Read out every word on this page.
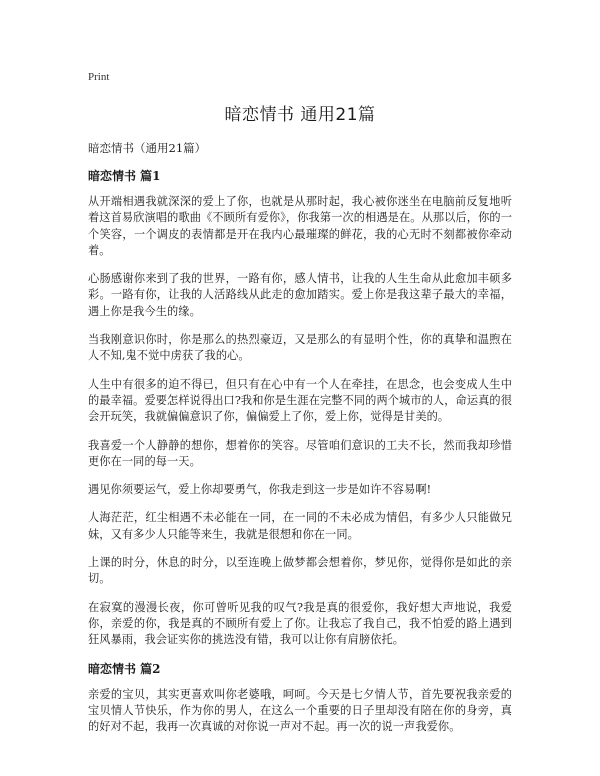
Print
暗恋情书 通用21篇
暗恋情书（通用21篇）
暗恋情书 篇1

从开端相遇我就深深的爱上了你，也就是从那时起，我心被你迷坐在电脑前反复地听着这首易欣演唱的歌曲《不顾所有爱你》，你我第一次的相遇是在。从那以后，你的一个笑容，一个调皮的表情都是开在我内心最璀璨的鲜花，我的心无时不刻都被你牵动着。

心肠感谢你来到了我的世界，一路有你，感人情书，让我的人生生命从此愈加丰硕多彩。一路有你，让我的人活路线从此走的愈加踏实。爱上你是我这辈子最大的幸福，遇上你是我今生的缘。

当我刚意识你时，你是那么的热烈豪迈，又是那么的有显明个性，你的真挚和温煦在人不知,鬼不觉中虏获了我的心。

人生中有很多的迫不得已，但只有在心中有一个人在牵挂，在思念，也会变成人生中的最幸福。爱要怎样说得出口?我和你是生涯在完整不同的两个城市的人，命运真的很会开玩笑，我就偏偏意识了你，偏偏爱上了你，爱上你，觉得是甘美的。

我喜爱一个人静静的想你，想着你的笑容。尽管咱们意识的工夫不长，然而我却珍惜更你在一同的每一天。

遇见你须要运气，爱上你却要勇气，你我走到这一步是如许不容易啊!

人海茫茫，红尘相遇不未必能在一同，在一同的不未必成为情侣，有多少人只能做兄妹，又有多少人只能等来生，我就是很想和你在一同。

上课的时分，休息的时分，以至连晚上做梦都会想着你，梦见你，觉得你是如此的亲切。

在寂寞的漫漫长夜，你可曾听见我的叹气?我是真的很爱你，我好想大声地说，我爱你，亲爱的你，我是真的不顾所有爱上了你。让我忘了我自己，我不怕爱的路上遇到狂风暴雨，我会证实你的挑选没有错，我可以让你有肩膀依托。

暗恋情书 篇2

亲爱的宝贝，其实更喜欢叫你老婆哦，呵呵。今天是七夕情人节，首先要祝我亲爱的宝贝情人节快乐，作为你的男人，在这么一个重要的日子里却没有陪在你的身旁，真的好对不起，我再一次真诚的对你说一声对不起。再一次的说一声我爱你。
